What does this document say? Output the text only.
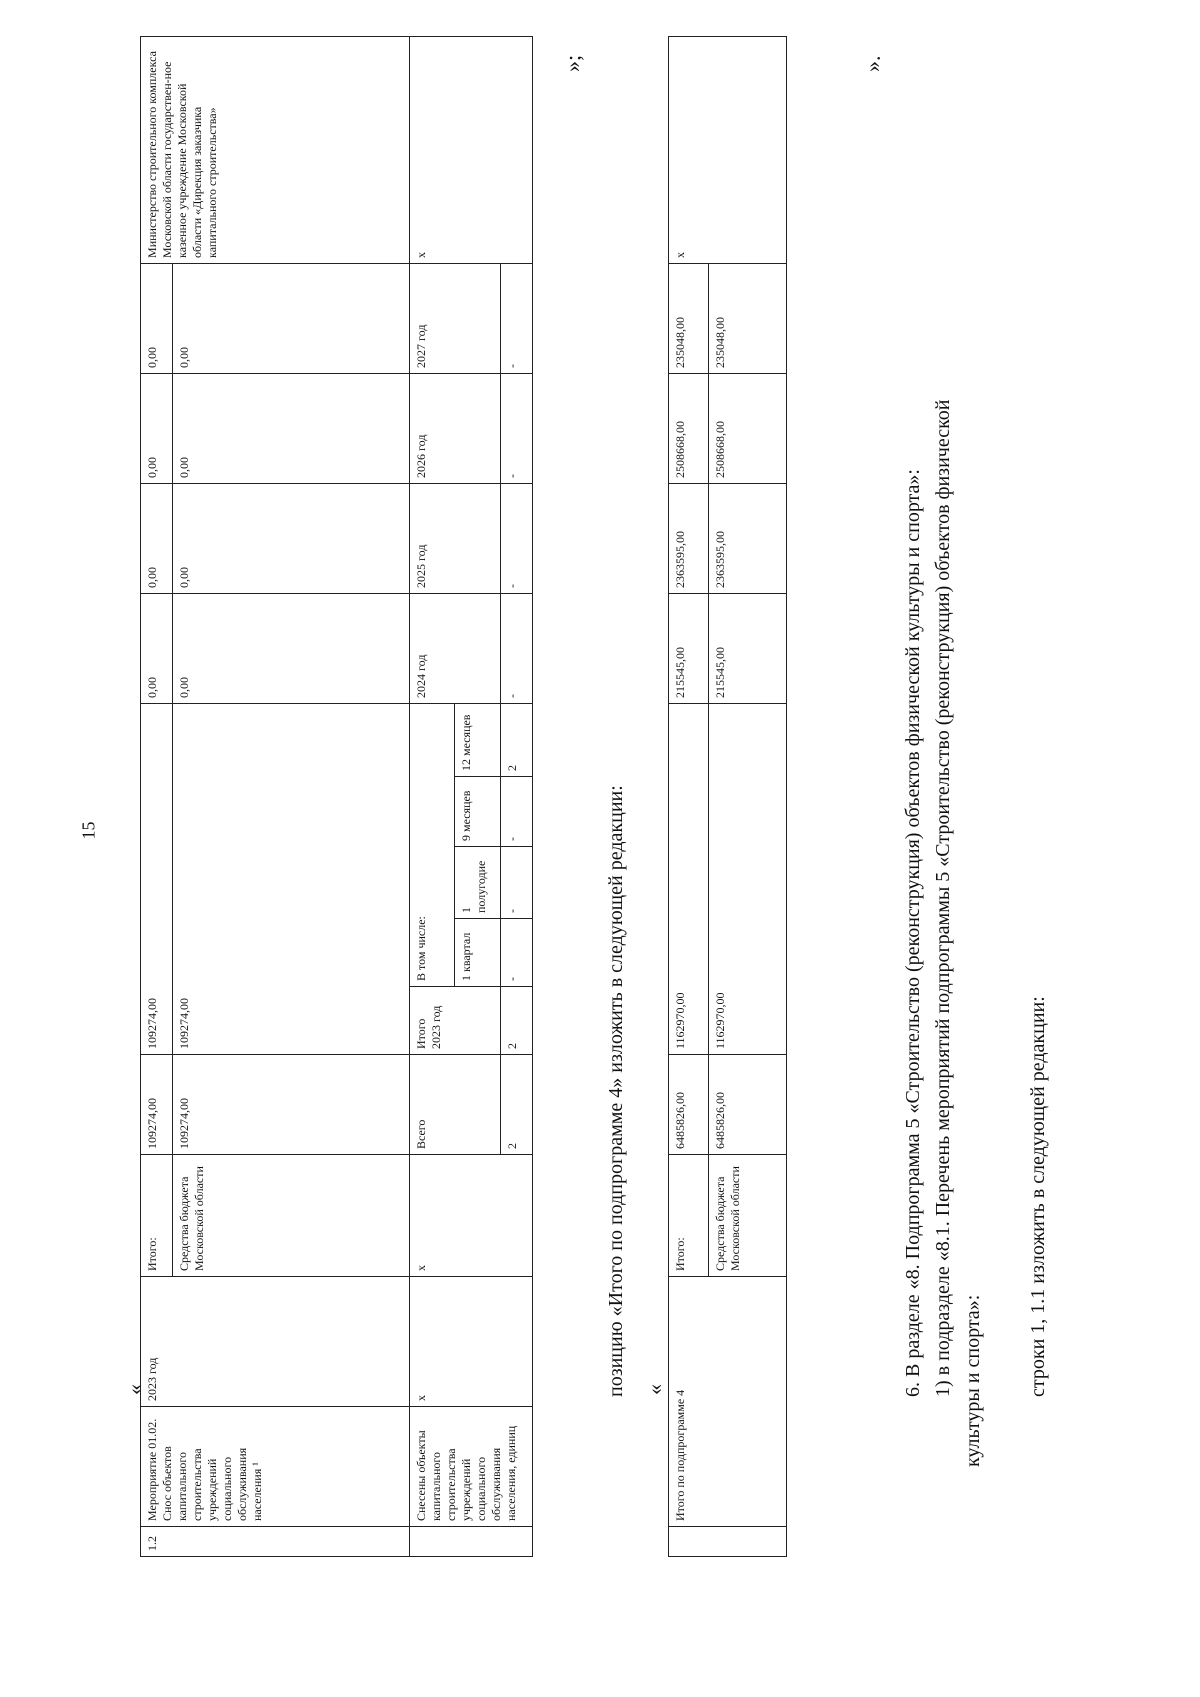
15
«
1.2	Мероприятие 01.02. Снос объектов капитального строительства учреждений социального обслуживания населения ¹	2023 год	Итого:	109274,00	109274,00					0,00	0,00	0,00	0,00	Министерство строительного комплекса Московской области государствен-ное казенное учреждение Московской области «Дирекция заказчика капитального строительства»
			Средства бюджета Московской области	109274,00	109274,00					0,00	0,00	0,00	0,00	
	Снесены объекты капитального строительства учреждений социального обслуживания населения, единиц	х	х	Всего	Итого 2023 год	В том числе:				2024 год	2025 год	2026 год	2027 год	х
						1 квартал	1 полугодие	9 месяцев	12 месяцев					
				2	2	-	-	-	2	-	-	-	-	
»;
позицию «Итого по подпрограмме 4» изложить в следующей редакции: «
	Итого по подпрограмме 4	Итого:	6485826,00	1162970,00	215545,00	2363595,00	2508668,00	235048,00	х
		Средства бюджета Московской области	6485826,00	1162970,00	215545,00	2363595,00	2508668,00	235048,00	
».
6. В разделе «8. Подпрограмма 5 «Строительство (реконструкция) объектов физической культуры и спорта»: 1) в подразделе «8.1. Перечень мероприятий подпрограммы 5 «Строительство (реконструкция) объектов физической культуры и спорта»: строки 1, 1.1 изложить в следующей редакции:
